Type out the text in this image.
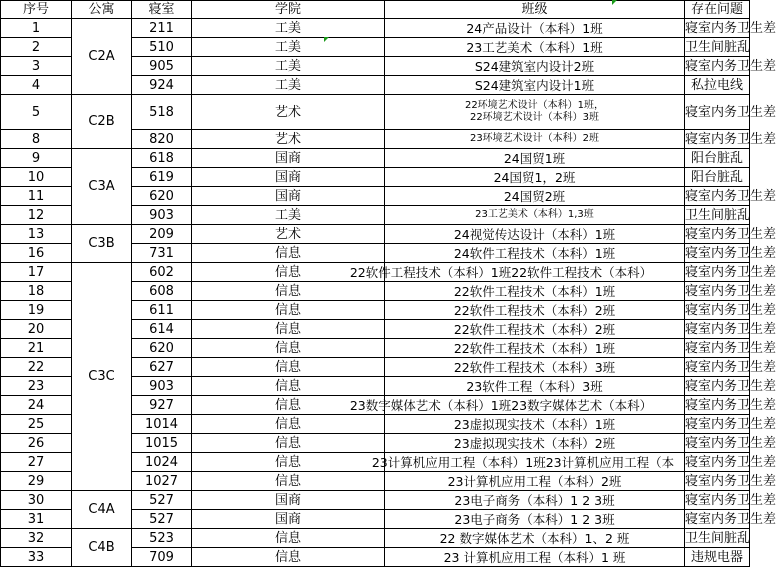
序号	公寓	寝室	学院	班级	存在问题
1	C2A	211	工美	24产品设计（本科）1班	寝室内务卫生差
2		510	工美	23工艺美术（本科）1班	卫生间脏乱
3		905	工美	S24建筑室内设计2班	寝室内务卫生差
4		924	工美	S24建筑室内设计1班	私拉电线
5	C2B	518	艺术	22环境艺术设计（本科）1班，
22环境艺术设计（本科）3班	寝室内务卫生差
8		820	艺术	23环境艺术设计（本科）2班	寝室内务卫生差
9	C3A	618	国商	24国贸1班	阳台脏乱
10		619	国商	24国贸1，2班	阳台脏乱
11		620	国商	24国贸2班	寝室内务卫生差
12		903	工美	23工艺美术（本科）1,3班	卫生间脏乱
13	C3B	209	艺术	24视觉传达设计（本科）1班	寝室内务卫生差
16		731	信息	24软件工程技术（本科）1班	寝室内务卫生差
17	C3C	602	信息	22软件工程技术（本科）1班22软件工程技术（本科）	寝室内务卫生差
18		608	信息	22软件工程技术（本科）1班	寝室内务卫生差
19		611	信息	22软件工程技术（本科）2班	寝室内务卫生差
20		614	信息	22软件工程技术（本科）2班	寝室内务卫生差
21		620	信息	22软件工程技术（本科）1班	寝室内务卫生差
22		627	信息	22软件工程技术（本科）3班	寝室内务卫生差
23		903	信息	23软件工程（本科）3班	寝室内务卫生差
24		927	信息	23数字媒体艺术（本科）1班23数字媒体艺术（本科）	寝室内务卫生差
25		1014	信息	23虚拟现实技术（本科）1班	寝室内务卫生差
26		1015	信息	23虚拟现实技术（本科）2班	寝室内务卫生差
27		1024	信息	23计算机应用工程（本科）1班23计算机应用工程（本	寝室内务卫生差
29		1027	信息	23计算机应用工程（本科）2班	寝室内务卫生差
30	C4A	527	国商	23电子商务（本科）1 2 3班	寝室内务卫生差
31		527	国商	23电子商务（本科）1 2 3班	寝室内务卫生差
32	C4B	523	信息	22 数字媒体艺术（本科）1、2 班	卫生间脏乱
33		709	信息	23 计算机应用工程（本科）1 班	违规电器
